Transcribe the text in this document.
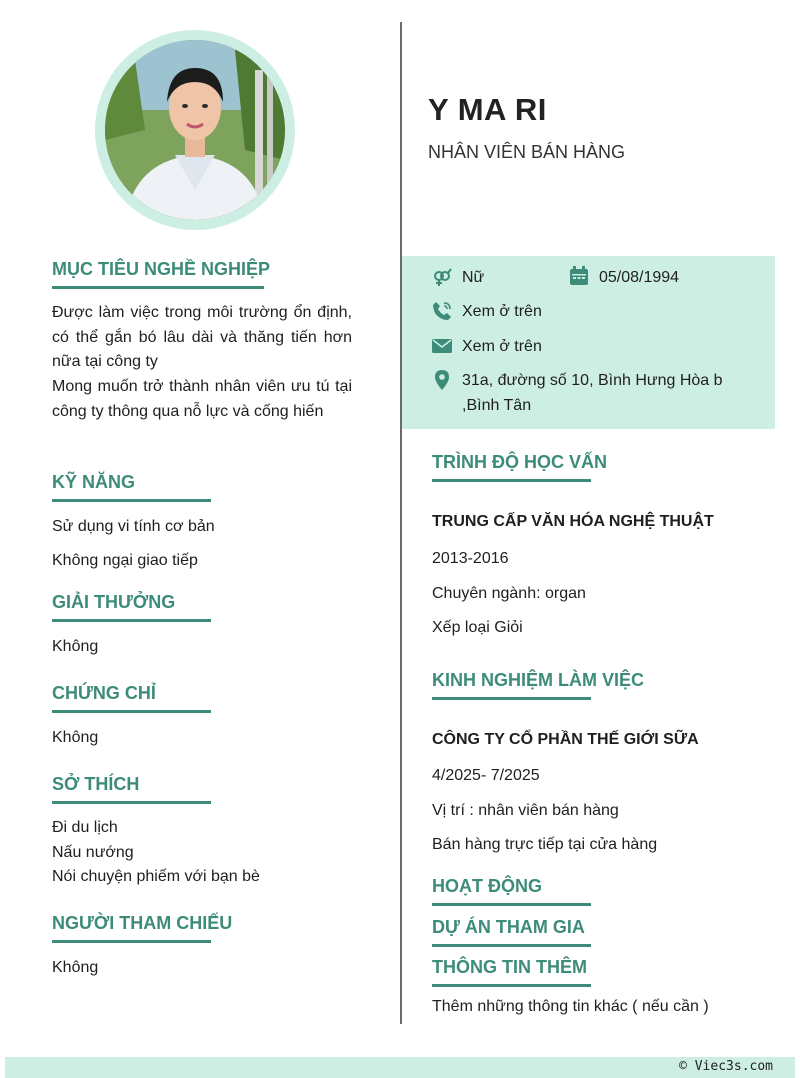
Y MA RI
NHÂN VIÊN BÁN HÀNG
Nữ	05/08/1994
Xem ở trên
Xem ở trên
31a, đường số 10, Bình Hưng Hòa b
,Bình Tân
MỤC TIÊU NGHỀ NGHIỆP
Được làm việc trong môi trường ổn định, có thể gắn bó lâu dài và thăng tiến hơn nữa tại công ty
Mong muốn trở thành nhân viên ưu tú tại công ty thông qua nỗ lực và cống hiến
KỸ NĂNG
Sử dụng vi tính cơ bản
Không ngại giao tiếp
GIẢI THƯỞNG
Không
CHỨNG CHỈ
Không
SỞ THÍCH
Đi du lịch
Nấu nướng
Nói chuyện phiếm với bạn bè
NGƯỜI THAM CHIẾU
Không
TRÌNH ĐỘ HỌC VẤN
TRUNG CẤP VĂN HÓA NGHỆ THUẬT
2013-2016
Chuyên ngành: organ
Xếp loại Giỏi
KINH NGHIỆM LÀM VIỆC
CÔNG TY CỔ PHẦN THẾ GIỚI SỮA
4/2025- 7/2025
Vị trí : nhân viên bán hàng
Bán hàng trực tiếp tại cửa hàng
HOẠT ĐỘNG
DỰ ÁN THAM GIA
THÔNG TIN THÊM
Thêm những thông tin khác ( nếu cần )
© Viec3s.com
